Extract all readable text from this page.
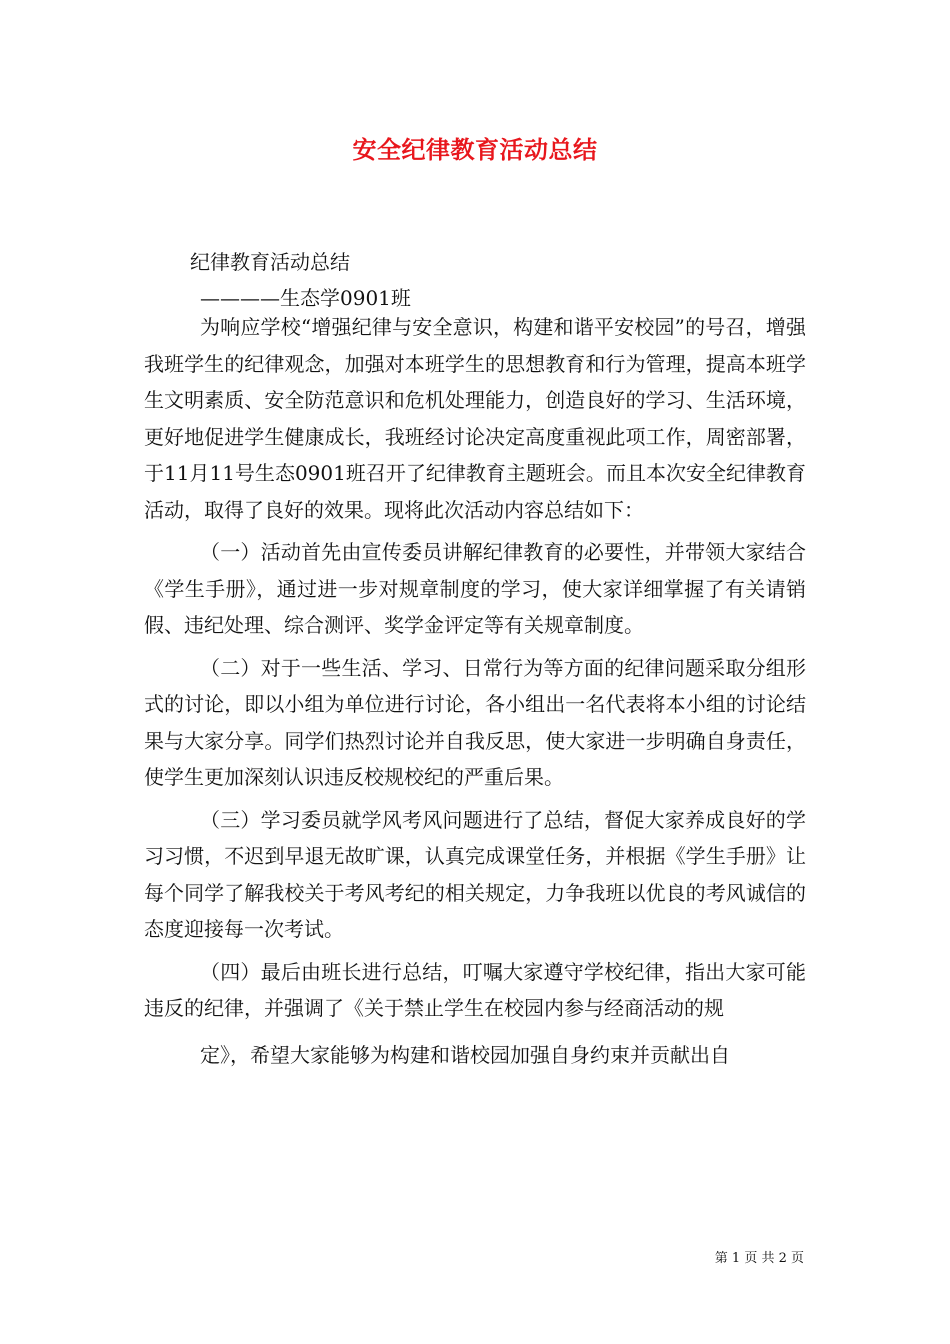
安全纪律教育活动总结
纪律教育活动总结
————生态学0901班

为响应学校“增强纪律与安全意识，构建和谐平安校园”的号召，增强我班学生的纪律观念，加强对本班学生的思想教育和行为管理，提高本班学生文明素质、安全防范意识和危机处理能力，创造良好的学习、生活环境，更好地促进学生健康成长，我班经讨论决定高度重视此项工作，周密部署，于11月11号生态0901班召开了纪律教育主题班会。而且本次安全纪律教育活动，取得了良好的效果。现将此次活动内容总结如下：

（一）活动首先由宣传委员讲解纪律教育的必要性，并带领大家结合《学生手册》，通过进一步对规章制度的学习，使大家详细掌握了有关请销假、违纪处理、综合测评、奖学金评定等有关规章制度。

（二）对于一些生活、学习、日常行为等方面的纪律问题采取分组形式的讨论，即以小组为单位进行讨论，各小组出一名代表将本小组的讨论结果与大家分享。同学们热烈讨论并自我反思，使大家进一步明确自身责任，使学生更加深刻认识违反校规校纪的严重后果。

（三）学习委员就学风考风问题进行了总结，督促大家养成良好的学习习惯，不迟到早退无故旷课，认真完成课堂任务，并根据《学生手册》让每个同学了解我校关于考风考纪的相关规定，力争我班以优良的考风诚信的态度迎接每一次考试。

（四）最后由班长进行总结，叮嘱大家遵守学校纪律，指出大家可能违反的纪律，并强调了《关于禁止学生在校园内参与经商活动的规

定》，希望大家能够为构建和谐校园加强自身约束并贡献出自

第 1 页 共 2 页
